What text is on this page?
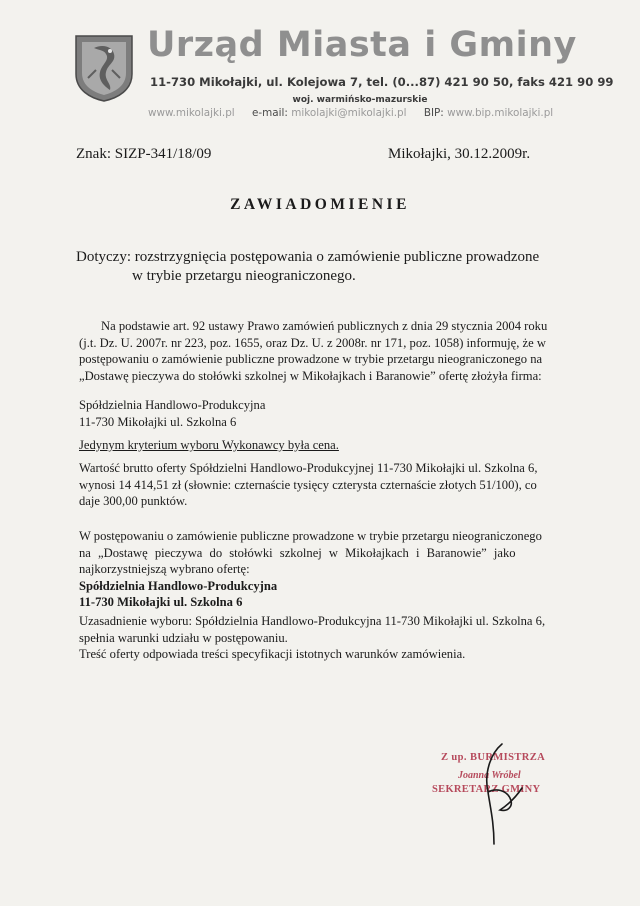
Urząd Miasta i Gminy
11-730 Mikołajki, ul. Kolejowa 7, tel. (0...87) 421 90 50, faks 421 90 99
woj. warmińsko-mazurskie
www.mikolajki.pl e-mail: mikolajki@mikolajki.pl BIP: www.bip.mikolajki.pl
Znak: SIZP-341/18/09	Mikołajki, 30.12.2009r.
ZAWIADOMIENIE
Dotyczy: rozstrzygnięcia postępowania o zamówienie publiczne prowadzone
w trybie przetargu nieograniczonego.
Na podstawie art. 92 ustawy Prawo zamówień publicznych z dnia 29 stycznia 2004 roku
(j.t. Dz. U. 2007r. nr 223, poz. 1655, oraz Dz. U. z 2008r. nr 171, poz. 1058) informuję, że w
postępowaniu o zamówienie publiczne prowadzone w trybie przetargu nieograniczonego na
„Dostawę pieczywa do stołówki szkolnej w Mikołajkach i Baranowie” ofertę złożyła firma:
Spółdzielnia Handlowo-Produkcyjna
11-730 Mikołajki ul. Szkolna 6
Jedynym kryterium wyboru Wykonawcy była cena.
Wartość brutto oferty Spółdzielni Handlowo-Produkcyjnej 11-730 Mikołajki ul. Szkolna 6,
wynosi 14 414,51 zł (słownie: czternaście tysięcy czterysta czternaście złotych 51/100), co
daje 300,00 punktów.
W postępowaniu o zamówienie publiczne prowadzone w trybie przetargu nieograniczonego
na „Dostawę pieczywa do stołówki szkolnej w Mikołajkach i Baranowie” jako
najkorzystniejszą wybrano ofertę:
Spółdzielnia Handlowo-Produkcyjna
11-730 Mikołajki ul. Szkolna 6
Uzasadnienie wyboru: Spółdzielnia Handlowo-Produkcyjna 11-730 Mikołajki ul. Szkolna 6,
spełnia warunki udziału w postępowaniu.
Treść oferty odpowiada treści specyfikacji istotnych warunków zamówienia.
Z up. BURMISTRZA
Joanna Wróbel
SEKRETARZ GMINY
